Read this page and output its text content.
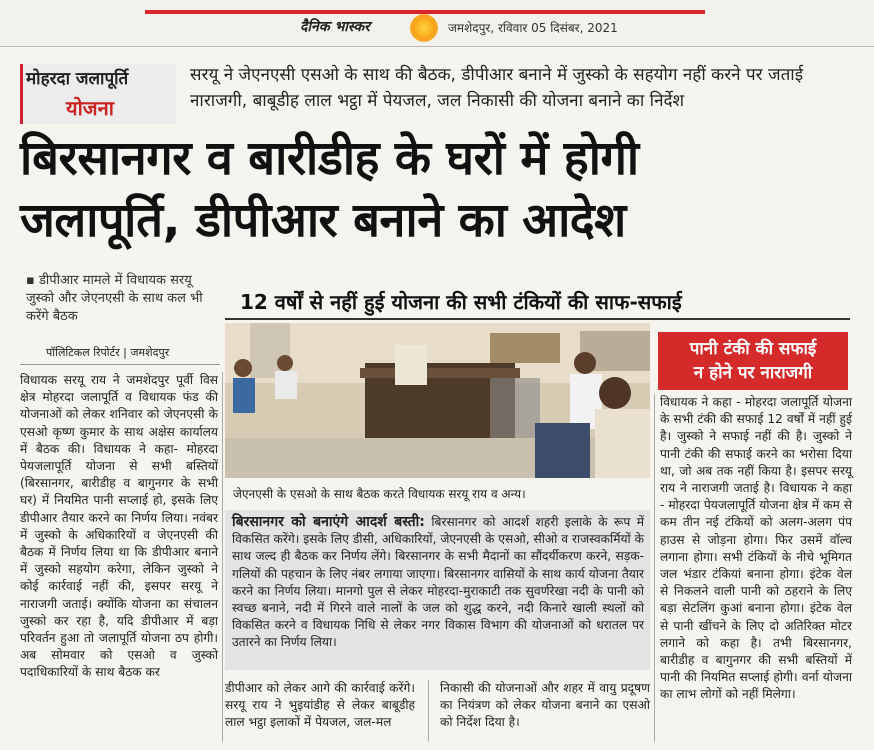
दैनिक भास्कर	जमशेदपुर, रविवार 05 दिसंबर, 2021
मोहरदा जलापूर्ति
योजना
सरयू ने जेएनएसी एसओ के साथ की बैठक, डीपीआर बनाने में जुस्को के सहयोग नहीं करने पर जताई नाराजगी, बाबूडीह लाल भट्ठा में पेयजल, जल निकासी की योजना बनाने का निर्देश
बिरसानगर व बारीडीह के घरों में होगी
जलापूर्ति, डीपीआर बनाने का आदेश
▪ डीपीआर मामले में विधायक सरयू जुस्को और जेएनएसी के साथ कल भी करेंगे बैठक
पॉलिटिकल रिपोर्टर | जमशेदपुर
12 वर्षों से नहीं हुई योजना की सभी टंकियों की साफ-सफाई
जेएनएसी के एसओ के साथ बैठक करते विधायक सरयू राय व अन्य।
पानी टंकी की सफाई
न होने पर नाराजगी
विधायक सरयू राय ने जमशेदपुर पूर्वी विस क्षेत्र मोहरदा जलापूर्ति व विधायक फंड की योजनाओं को लेकर शनिवार को जेएनएसी के एसओ कृष्ण कुमार के साथ अक्षेस कार्यालय में बैठक की। विधायक ने कहा- मोहरदा पेयजलापूर्ति योजना से सभी बस्तियों (बिरसानगर, बारीडीह व बागुनगर के सभी घर) में नियमित पानी सप्लाई हो, इसके लिए डीपीआर तैयार करने का निर्णय लिया। नवंबर में जुस्को के अधिकारियों व जेएनएसी की बैठक में निर्णय लिया था कि डीपीआर बनाने में जुस्को सहयोग करेगा, लेकिन जुस्को ने कोई कार्रवाई नहीं की, इसपर सरयू ने नाराजगी जताई। क्योंकि योजना का संचालन जुस्को कर रहा है, यदि डीपीआर में बड़ा परिवर्तन हुआ तो जलापूर्ति योजना ठप होगी। अब सोमवार को एसओ व जुस्को पदाधिकारियों के साथ बैठक कर
विधायक ने कहा - मोहरदा जलापूर्ति योजना के सभी टंकी की सफाई 12 वर्षों में नहीं हुई है। जुस्को ने सफाई नहीं की है। जुस्को ने पानी टंकी की सफाई करने का भरोसा दिया था, जो अब तक नहीं किया है। इसपर सरयू राय ने नाराजगी जताई है। विधायक ने कहा - मोहरदा पेयजलापूर्ति योजना क्षेत्र में कम से कम तीन नई टंकियों को अलग-अलग पंप हाउस से जोड़ना होगा। फिर उसमें वॉल्व लगाना होगा। सभी टंकियों के नीचे भूमिगत जल भंडार टंकियां बनाना होगा। इंटेक वेल से निकलने वाली पानी को ठहराने के लिए बड़ा सेटलिंग कुआं बनाना होगा। इंटेक वेल से पानी खींचने के लिए दो अतिरिक्त मोटर लगाने को कहा है। तभी बिरसानगर, बारीडीह व बागुनगर की सभी बस्तियों में पानी की नियमित सप्लाई होगी। वर्ना योजना का लाभ लोगों को नहीं मिलेगा।
बिरसानगर को बनाएंगे आदर्श बस्ती: बिरसानगर को आदर्श शहरी इलाके के रूप में विकसित करेंगे। इसके लिए डीसी, अधिकारियों, जेएनएसी के एसओ, सीओ व राजस्वकर्मियों के साथ जल्द ही बैठक कर निर्णय लेंगे। बिरसानगर के सभी मैदानों का सौंदर्यीकरण करने, सड़क-गलियों की पहचान के लिए नंबर लगाया जाएगा। बिरसानगर वासियों के साथ कार्य योजना तैयार करने का निर्णय लिया। मानगो पुल से लेकर मोहरदा-मुराकाटी तक सुवर्णरेखा नदी के पानी को स्वच्छ बनाने, नदी में गिरने वाले नालों के जल को शुद्ध करने, नदी किनारे खाली स्थलों को विकसित करने व विधायक निधि से लेकर नगर विकास विभाग की योजनाओं को धरातल पर उतारने का निर्णय लिया।
डीपीआर को लेकर आगे की कार्रवाई करेंगे। सरयू राय ने भुइयांडीह से लेकर बाबूडीह लाल भट्ठा इलाकों में पेयजल, जल-मल
निकासी की योजनाओं और शहर में वायु प्रदूषण का नियंत्रण को लेकर योजना बनाने का एसओ को निर्देश दिया है।
